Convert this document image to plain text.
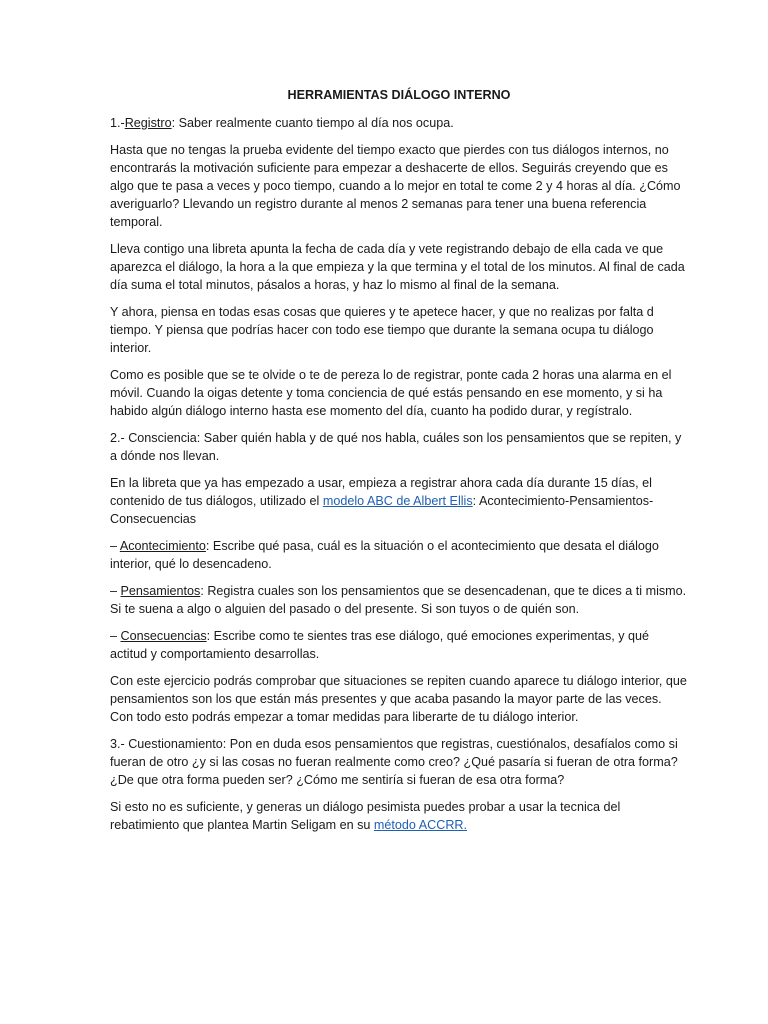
HERRAMIENTAS DIÁLOGO INTERNO

1.-Registro: Saber realmente cuanto tiempo al día nos ocupa.

Hasta que no tengas la prueba evidente del tiempo exacto que pierdes con tus diálogos internos, no encontrarás la motivación suficiente para empezar a deshacerte de ellos. Seguirás creyendo que es algo que te pasa a veces y poco tiempo, cuando a lo mejor en total te come 2 y 4 horas al día. ¿Cómo averiguarlo? Llevando un registro durante al menos 2 semanas para tener una buena referencia temporal.

Lleva contigo una libreta apunta la fecha de cada día y vete registrando debajo de ella cada ve que aparezca el diálogo, la hora a la que empieza y la que termina y el total de los minutos. Al final de cada día suma el total minutos, pásalos a horas, y haz lo mismo al final de la semana.

Y ahora, piensa en todas esas cosas que quieres y te apetece hacer, y que no realizas por falta d tiempo. Y piensa que podrías hacer con todo ese tiempo que durante la semana ocupa tu diálogo interior.

Como es posible que se te olvide o te de pereza lo de registrar, ponte cada 2 horas una alarma en el móvil. Cuando la oigas detente y toma conciencia de qué estás pensando en ese momento, y si ha habido algún diálogo interno hasta ese momento del día, cuanto ha podido durar, y regístralo.

2.- Consciencia: Saber quién habla y de qué nos habla, cuáles son los pensamientos que se repiten, y a dónde nos llevan.

En la libreta que ya has empezado a usar, empieza a registrar ahora cada día durante 15 días, el contenido de tus diálogos, utilizado el modelo ABC de Albert Ellis: Acontecimiento-Pensamientos-Consecuencias

– Acontecimiento: Escribe qué pasa, cuál es la situación o el acontecimiento que desata el diálogo interior, qué lo desencadeno.

– Pensamientos: Registra cuales son los pensamientos que se desencadenan, que te dices a ti mismo. Si te suena a algo o alguien del pasado o del presente. Si son tuyos o de quién son.

– Consecuencias: Escribe como te sientes tras ese diálogo, qué emociones experimentas, y qué actitud y comportamiento desarrollas.

Con este ejercicio podrás comprobar que situaciones se repiten cuando aparece tu diálogo interior, que pensamientos son los que están más presentes y que acaba pasando la mayor parte de las veces. Con todo esto podrás empezar a tomar medidas para liberarte de tu diálogo interior.

3.- Cuestionamiento: Pon en duda esos pensamientos que registras, cuestiónalos, desafíalos como si fueran de otro ¿y si las cosas no fueran realmente como creo? ¿Qué pasaría si fueran de otra forma? ¿De que otra forma pueden ser? ¿Cómo me sentiría si fueran de esa otra forma?

Si esto no es suficiente, y generas un diálogo pesimista puedes probar a usar la tecnica del rebatimiento que plantea Martin Seligam en su método ACCRR.
